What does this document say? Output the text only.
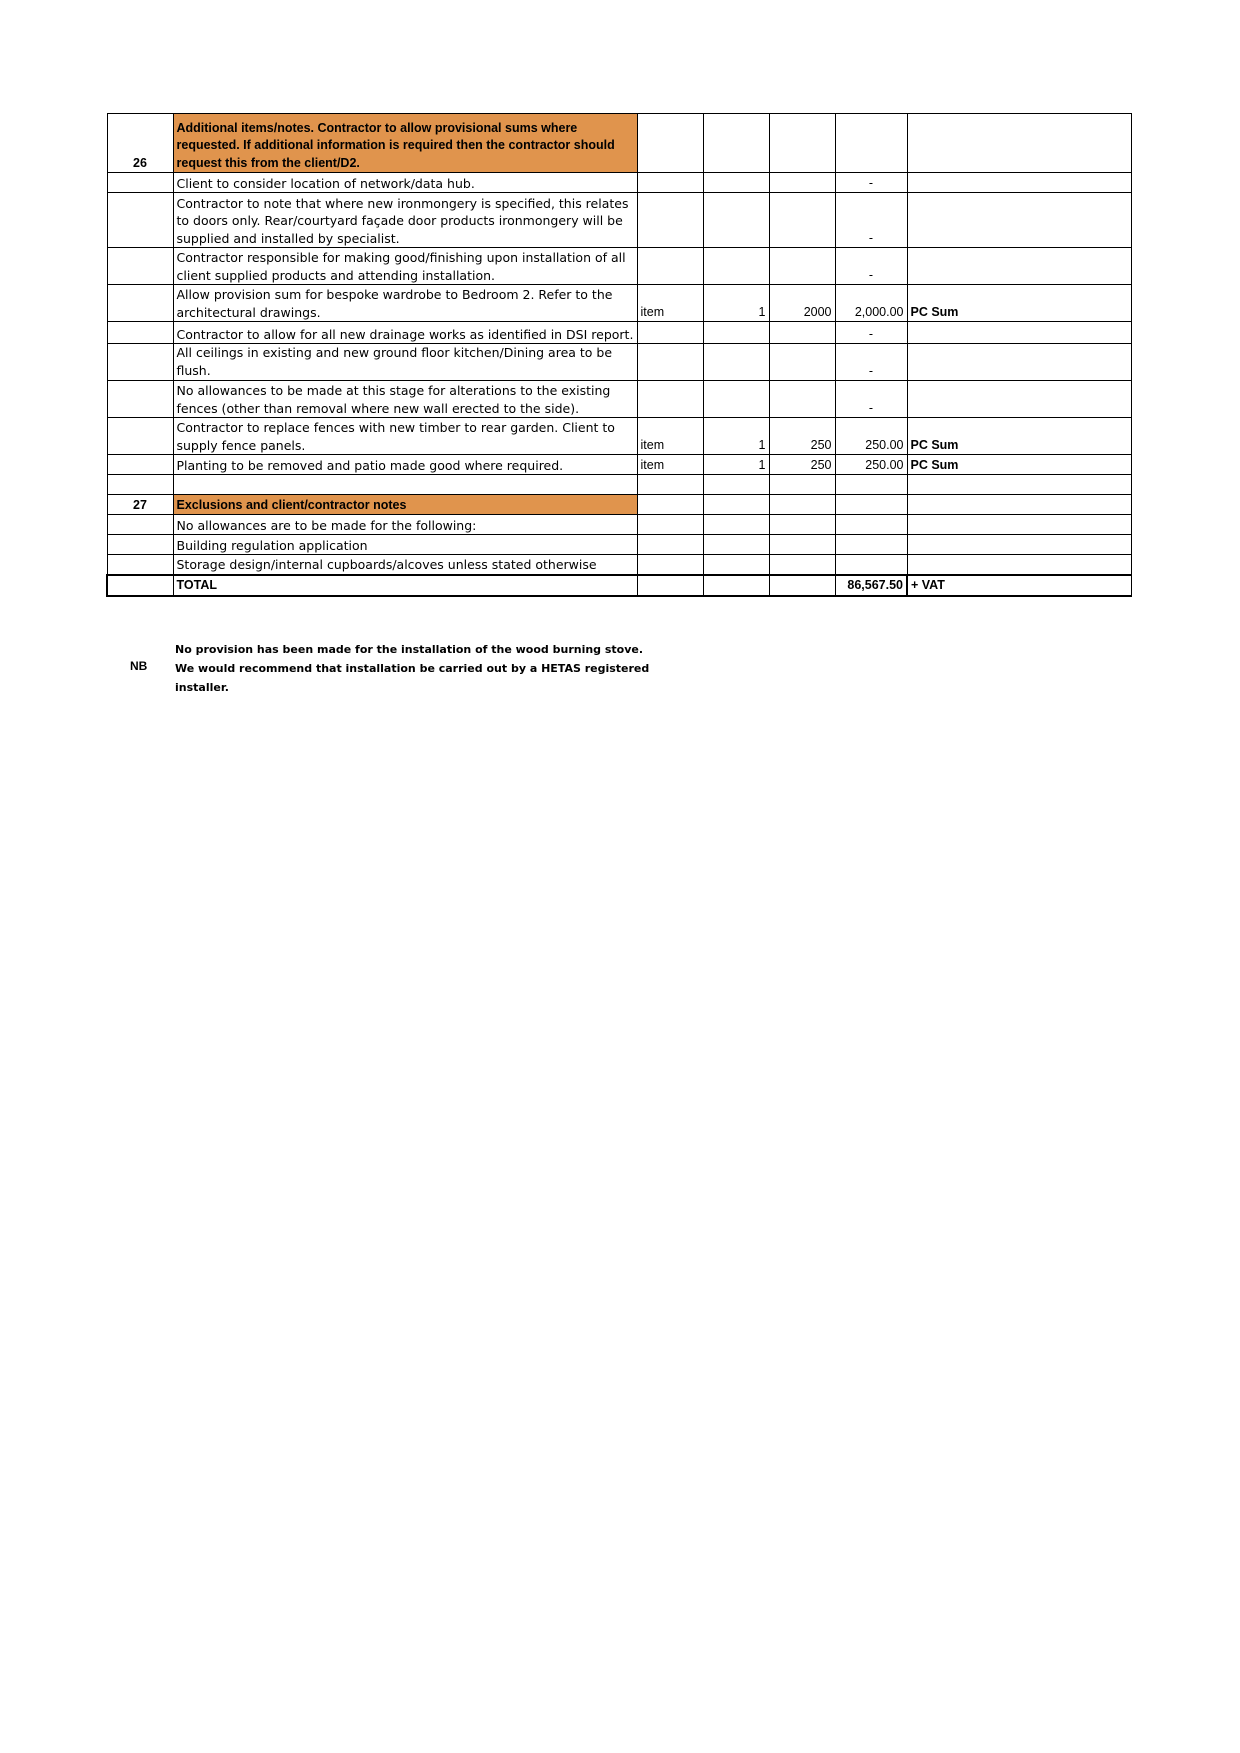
26	Additional items/notes. Contractor to allow provisional sums where requested. If additional information is required then the contractor should request this from the client/D2.					
	Client to consider location of network/data hub.				-	
	Contractor to note that where new ironmongery is specified, this relates to doors only. Rear/courtyard façade door products ironmongery will be supplied and installed by specialist.				-	
	Contractor responsible for making good/finishing upon installation of all client supplied products and attending installation.				-	
	Allow provision sum for bespoke wardrobe to Bedroom 2. Refer to the architectural drawings.	item	1	2000	2,000.00	PC Sum
	Contractor to allow for all new drainage works as identified in DSI report.				-	
	All ceilings in existing and new ground floor kitchen/Dining area to be flush.				-	
	No allowances to be made at this stage for alterations to the existing fences (other than removal where new wall erected to the side).				-	
	Contractor to replace fences with new timber to rear garden. Client to supply fence panels.	item	1	250	250.00	PC Sum
	Planting to be removed and patio made good where required.	item	1	250	250.00	PC Sum

27	Exclusions and client/contractor notes					
	No allowances are to be made for the following:					
	Building regulation application					
	Storage design/internal cupboards/alcoves unless stated otherwise					
	TOTAL				86,567.50	+ VAT
NB
No provision has been made for the installation of the wood burning stove.
We would recommend that installation be carried out by a HETAS registered
installer.
